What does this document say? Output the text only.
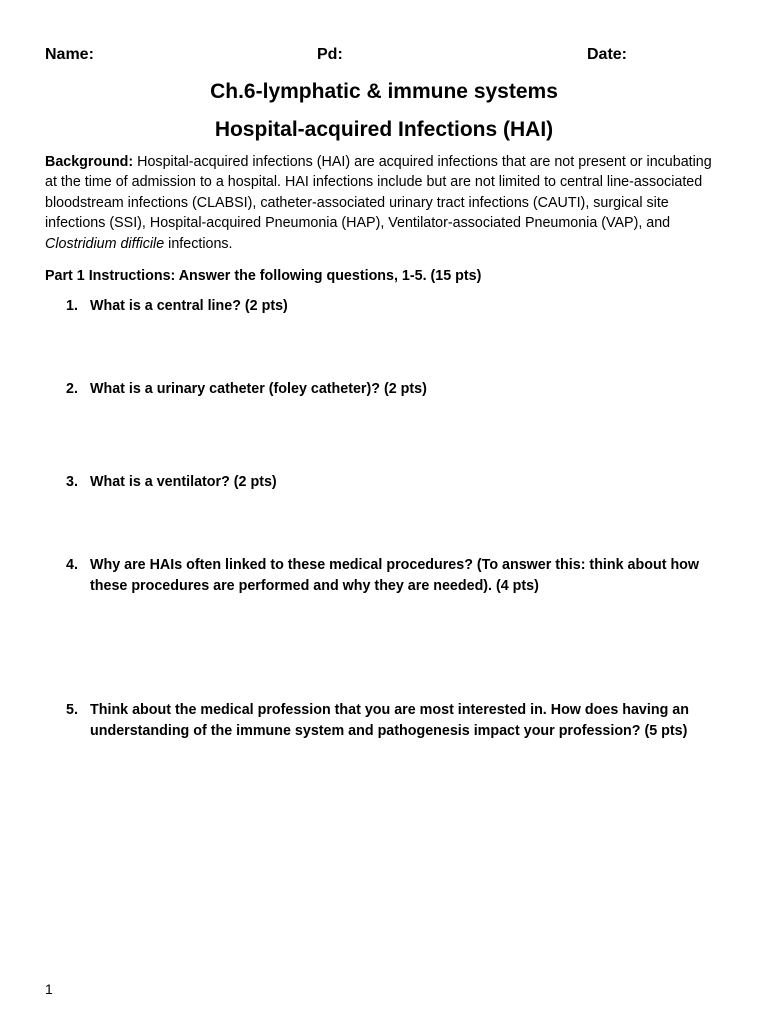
Name:	Pd:	Date:
Ch.6-lymphatic & immune systems
Hospital-acquired Infections (HAI)
Background: Hospital-acquired infections (HAI) are acquired infections that are not present or incubating at the time of admission to a hospital. HAI infections include but are not limited to central line-associated bloodstream infections (CLABSI), catheter-associated urinary tract infections (CAUTI), surgical site infections (SSI), Hospital-acquired Pneumonia (HAP), Ventilator-associated Pneumonia (VAP), and Clostridium difficile infections.
Part 1 Instructions: Answer the following questions, 1-5. (15 pts)
1. What is a central line? (2 pts)
2. What is a urinary catheter (foley catheter)? (2 pts)
3. What is a ventilator? (2 pts)
4. Why are HAIs often linked to these medical procedures? (To answer this: think about how these procedures are performed and why they are needed). (4 pts)
5. Think about the medical profession that you are most interested in. How does having an understanding of the immune system and pathogenesis impact your profession? (5 pts)
1
